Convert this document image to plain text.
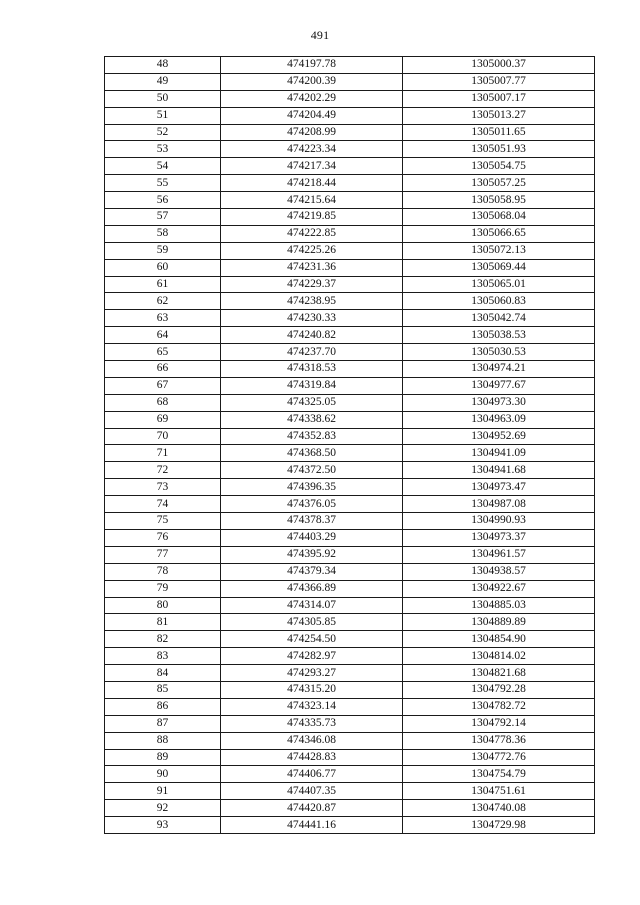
491
48	474197.78	1305000.37
49	474200.39	1305007.77
50	474202.29	1305007.17
51	474204.49	1305013.27
52	474208.99	1305011.65
53	474223.34	1305051.93
54	474217.34	1305054.75
55	474218.44	1305057.25
56	474215.64	1305058.95
57	474219.85	1305068.04
58	474222.85	1305066.65
59	474225.26	1305072.13
60	474231.36	1305069.44
61	474229.37	1305065.01
62	474238.95	1305060.83
63	474230.33	1305042.74
64	474240.82	1305038.53
65	474237.70	1305030.53
66	474318.53	1304974.21
67	474319.84	1304977.67
68	474325.05	1304973.30
69	474338.62	1304963.09
70	474352.83	1304952.69
71	474368.50	1304941.09
72	474372.50	1304941.68
73	474396.35	1304973.47
74	474376.05	1304987.08
75	474378.37	1304990.93
76	474403.29	1304973.37
77	474395.92	1304961.57
78	474379.34	1304938.57
79	474366.89	1304922.67
80	474314.07	1304885.03
81	474305.85	1304889.89
82	474254.50	1304854.90
83	474282.97	1304814.02
84	474293.27	1304821.68
85	474315.20	1304792.28
86	474323.14	1304782.72
87	474335.73	1304792.14
88	474346.08	1304778.36
89	474428.83	1304772.76
90	474406.77	1304754.79
91	474407.35	1304751.61
92	474420.87	1304740.08
93	474441.16	1304729.98
